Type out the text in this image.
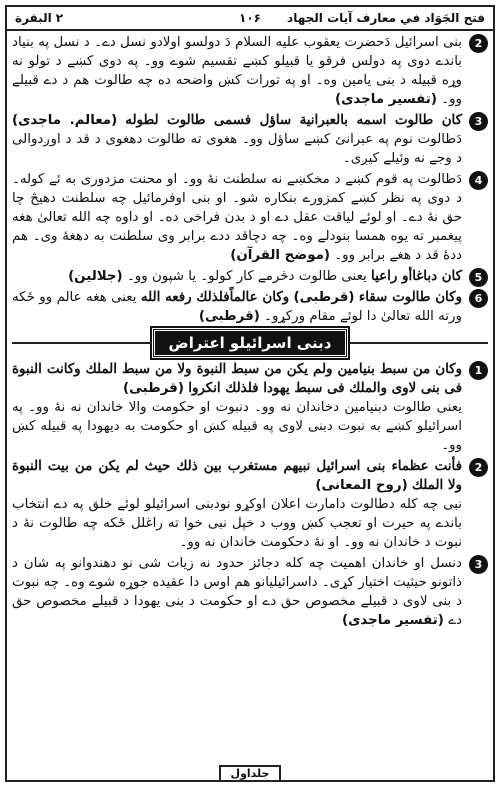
البقرة ۲	۱۰۶ فتح الجَوَاد في معارف آيات الجهاد
2

بنی اسرائیل دَحضرت یعقوب علیه السلام دَ دولسو اولادو نسل دے۔ د نسل په بنیاد باندے دوی په دولس فرقو یا قبیلو کښے تقسیم شوے وو۔ په دوی کښے د تولو نه وړه قبیله د بنی یامین وه۔ او په تورات کښ واضحه ده چه طالوت هم د دے قبیلے وو۔ (تفسیر ماجدی)

3

كان طالوت اسمه بالعبرانية ساؤل فسمى طالوت لطوله (معالم. ماجدی) دَطالوت نوم په عبرانئ کښے ساؤل وو۔ هغوی ته طالوت دهغوی د قد د اوږدوالی د وجے نه وئیلے کیږی۔

4

دَطالوت په قوم کښے د مخکښے نه سلطنت نهٔ وو۔ او محنت مزدوری به ئے کوله۔ د دوی په نظر کښے کمزورے بنکاره شو۔ او بنی اوفرمائیل چه سلطنت دهیڅ چا حق نهٔ دے۔ او لوئے لیاقت عقل دے او د بدن فراخی ده۔ او داوه چه الله تعالیٰ هغه پیغمبر ته یوه همسا بنودلے وه۔ چه دچاقد ددے برابر وی سلطنت به دهغهٔ وی۔ هم ددهٔ قد د هغے برابر وو۔ (موضح القرآن)

5

كان دباغاأو راعيا یعنی طالوت دڅرمے کار کولو۔ یا شپون وو۔ (جلالین)

6

وكان طالوت سقاء (قرطبی) وكان عالماًفلذلك رفعه الله یعنی هغه عالم وو ځکه ورته الله تعالیٰ دا لوئے مقام ورکړو۔ (قرطبی)

دبنی اسرائیلو اعتراض
1

وكان من سبط بنيامين ولم يكن من سبط النبوة ولا من سبط الملك وكانت النبوة فى بنى لاوى والملك فى سبط يهودا فلذلك انكروا (قرطبی)

یعنی طالوت دبنیامین دخاندان نه وو۔ دنبوت او حکومت والا خاندان نه نهٔ وو۔ په اسرائیلو کښے به نبوت دبنی لاوی په قبیله کښ او حکومت به دیهودا په قبیله کښ وو۔

2

فأنت عظماء بنی اسرائيل نبيهم مستغرب بين ذلك حيث لم يكن من بيت النبوة ولا الملك (روح المعانی)

نبی چه کله دطالوت دامارت اعلان اوکړو نودبنی اسرائیلو لوئے خلق په دے انتخاب باندے په حیرت او تعجب کښ ووب د خپل نبی خوا ته راغلل ځکه چه طالوت نهٔ د نبوت د خاندان نه وو۔ او نهٔ دحکومت خاندان نه وو۔

3

دنسل او خاندان اهمیت چه کله دجائز حدود نه زیات شی نو دهندوانو په شان د ذاتونو حیثیت اختیار کړی۔ داسرائیلیانو هم اوس دا عقیده جوړه شوے وه۔ چه نبوت د بنی لاوی د قبیلے مخصوص حق دے او حکومت د بنی یهودا د قبیلے مخصوص حق دے (تفسیر ماجدی)

جلداول
